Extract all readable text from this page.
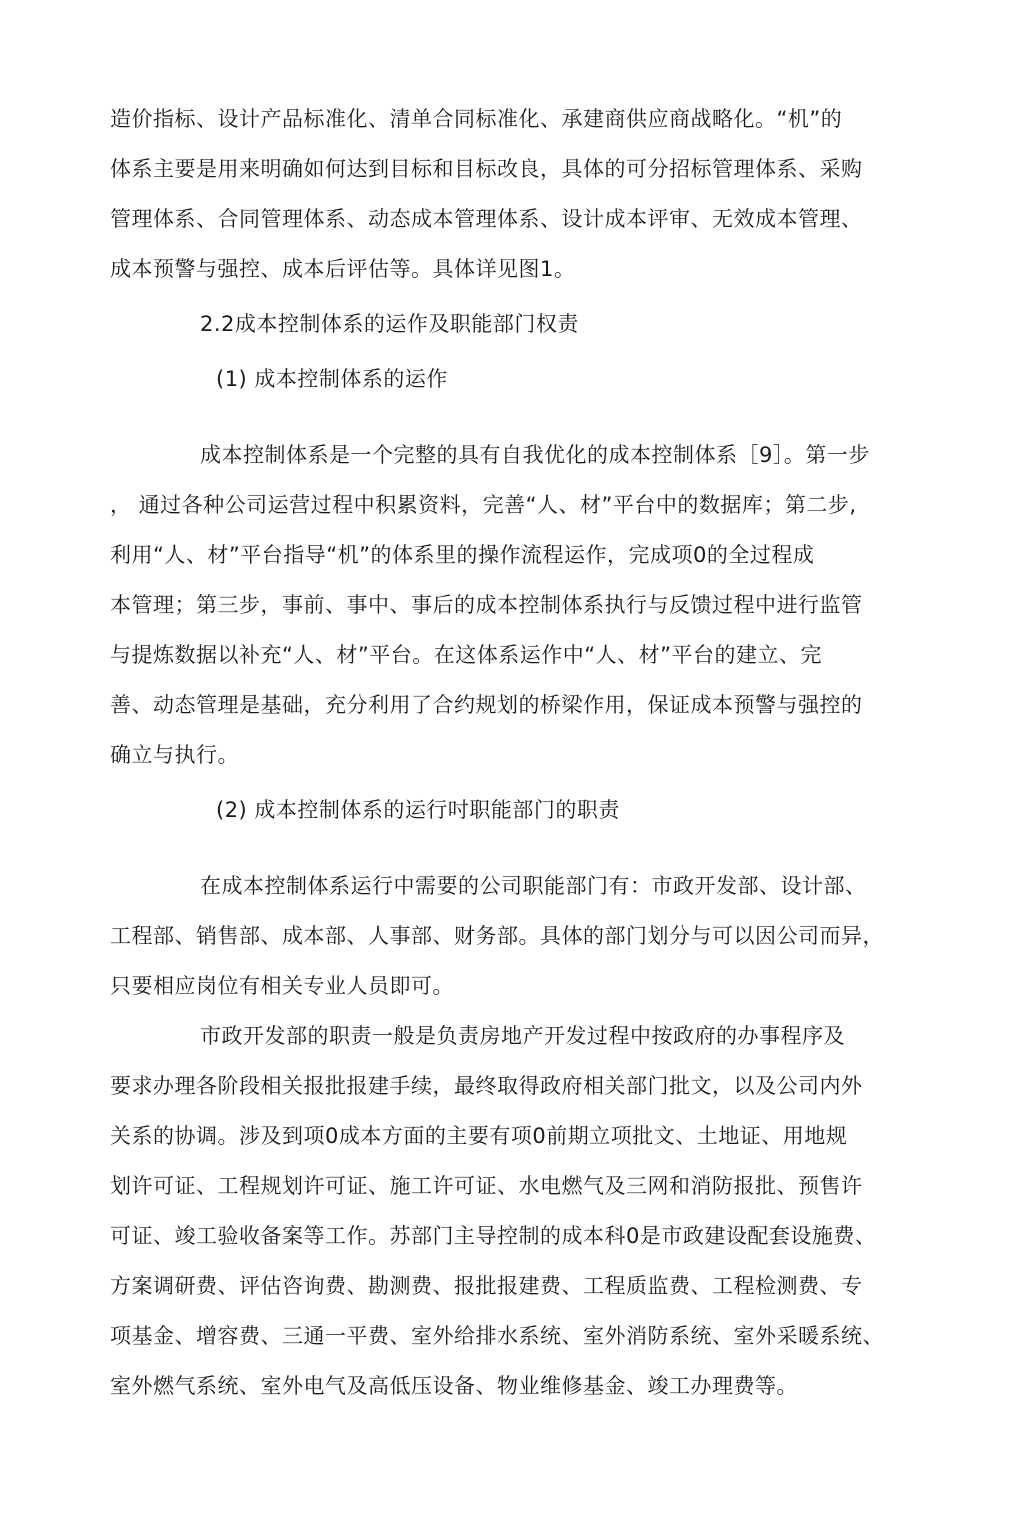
造价指标、设计产品标准化、清单合同标准化、承建商供应商战略化。“机”的
体系主要是用来明确如何达到目标和目标改良，具体的可分招标管理体系、采购
管理体系、合同管理体系、动态成本管理体系、设计成本评审、无效成本管理、
成本预警与强控、成本后评估等。具体详见图1。
2.2成本控制体系的运作及职能部门权责
(1) 成本控制体系的运作
成本控制体系是一个完整的具有自我优化的成本控制体系［9］。第一步
， 通过各种公司运营过程中积累资料，完善“人、材”平台中的数据库；第二步,
利用“人、材”平台指导“机”的体系里的操作流程运作，完成项0的全过程成
本管理；第三步，事前、事中、事后的成本控制体系执行与反馈过程中进行监管
与提炼数据以补充“人、材”平台。在这体系运作中“人、材”平台的建立、完
善、动态管理是基础，充分利用了合约规划的桥梁作用，保证成本预警与强控的
确立与执行。
(2) 成本控制体系的运行吋职能部门的职责
在成本控制体系运行中需要的公司职能部门有：市政开发部、设计部、
工程部、销售部、成本部、人事部、财务部。具体的部门划分与可以因公司而异，
只要相应岗位有相关专业人员即可。
市政开发部的职责一般是负责房地产开发过程中按政府的办事程序及
要求办理各阶段相关报批报建手续，最终取得政府相关部门批文，以及公司内外
关系的协调。涉及到项0成本方面的主要有项0前期立项批文、土地证、用地规
划许可证、工程规划许可证、施工许可证、水电燃气及三网和消防报批、预售许
可证、竣工验收备案等工作。苏部门主导控制的成本科0是市政建设配套设施费、
方案调研费、评估咨询费、勘测费、报批报建费、工程质监费、工程检测费、专
项基金、增容费、三通一平费、室外给排水系统、室外消防系统、室外采暖系统、
室外燃气系统、室外电气及高低压设备、物业维修基金、竣工办理费等。
